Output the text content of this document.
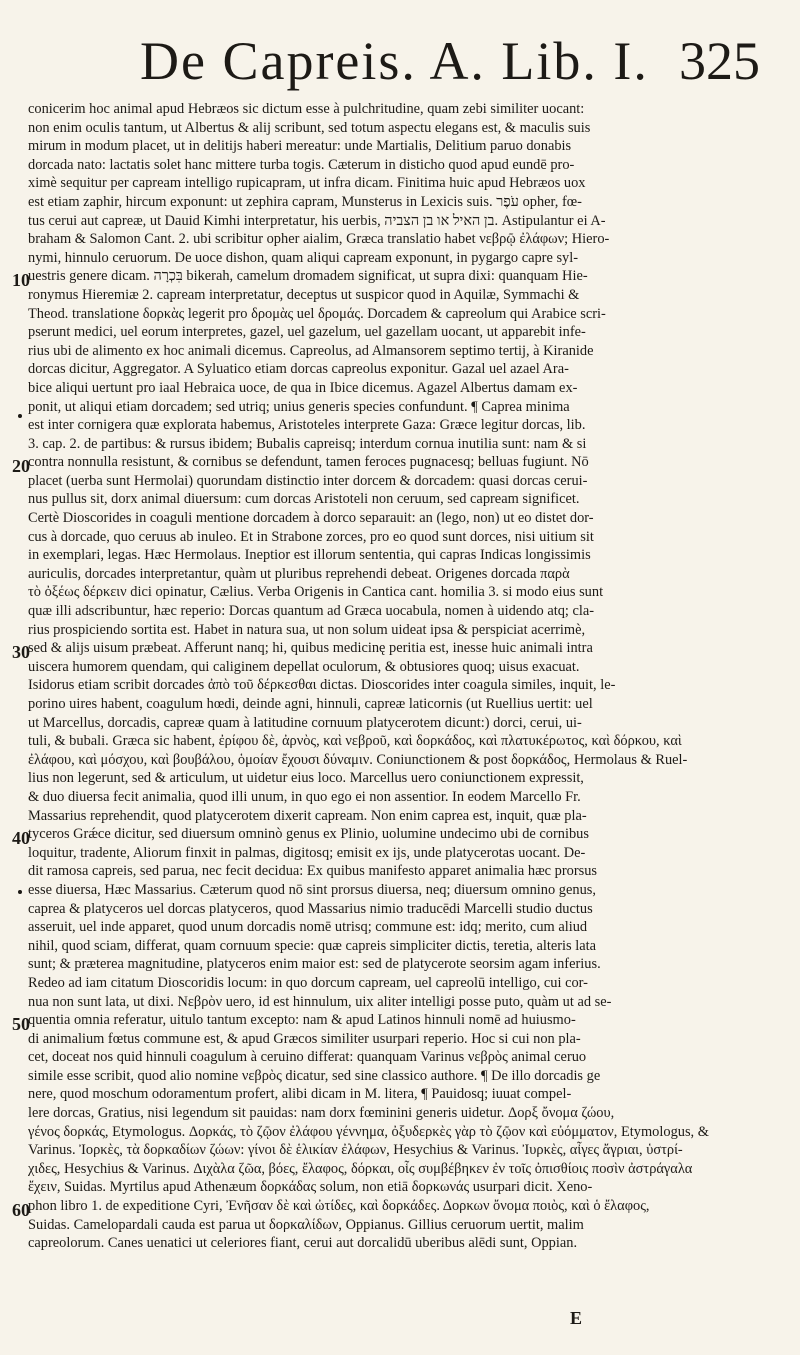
De Capreis. A. Lib. I. 325
10
20
30
40
50
60
conicerim hoc animal apud Hebræos sic dictum esse à pulchritudine, quam zebi similiter uocant:
non enim oculis tantum, ut Albertus & alij scribunt, sed totum aspectu elegans est, & maculis suis
mirum in modum placet, ut in delitijs haberi mereatur: unde Martialis, Delitium paruo donabis
dorcada nato: lactatis solet hanc mittere turba togis. Cæterum in disticho quod apud eundē pro-
ximè sequitur per capream intelligo rupicapram, ut infra dicam. Finitima huic apud Hebræos uox
est etiam zaphir, hircum exponunt: ut zephira capram, Munsterus in Lexicis suis. עֹפֶר opher, fœ-
tus cerui aut capreæ, ut Dauid Kimhi interpretatur, his uerbis, בן האיל או בן הצביה. Astipulantur ei A-
braham & Salomon Cant. 2. ubi scribitur opher aialim, Græca translatio habet νεβρῷ ἐλάφων; Hiero-
nymi, hinnulo ceruorum. De uoce dishon, quam aliqui capream exponunt, in pygargo capre syl-
uestris genere dicam. בִּכְרָה bikerah, camelum dromadem significat, ut supra dixi: quanquam Hie-
ronymus Hieremiæ 2. capream interpretatur, deceptus ut suspicor quod in Aquilæ, Symmachi &
Theod. translatione δορκὰς legerit pro δρομὰς uel δρομάς. Dorcadem & capreolum qui Arabice scri-
pserunt medici, uel eorum interpretes, gazel, uel gazelum, uel gazellam uocant, ut apparebit infe-
rius ubi de alimento ex hoc animali dicemus. Capreolus, ad Almansorem septimo tertij, à Kiranide
dorcas dicitur, Aggregator. A Syluatico etiam dorcas capreolus exponitur. Gazal uel azael Ara-
bice aliqui uertunt pro iaal Hebraica uoce, de qua in Ibice dicemus. Agazel Albertus damam ex-
ponit, ut aliqui etiam dorcadem; sed utriq; unius generis species confundunt. ¶ Caprea minima
est inter cornigera quæ explorata habemus, Aristoteles interprete Gaza: Græce legitur dorcas, lib.
3. cap. 2. de partibus: & rursus ibidem; Bubalis capreisq; interdum cornua inutilia sunt: nam & si
contra nonnulla resistunt, & cornibus se defendunt, tamen feroces pugnacesq; belluas fugiunt. Nō
placet (uerba sunt Hermolai) quorundam distinctio inter dorcem & dorcadem: quasi dorcas cerui-
nus pullus sit, dorx animal diuersum: cum dorcas Aristoteli non ceruum, sed capream significet.
Certè Dioscorides in coaguli mentione dorcadem à dorco separauit: an (lego, non) ut eo distet dor-
cus à dorcade, quo ceruus ab inuleo. Et in Strabone zorces, pro eo quod sunt dorces, nisi uitium sit
in exemplari, legas. Hæc Hermolaus. Ineptior est illorum sententia, qui capras Indicas longissimis
auriculis, dorcades interpretantur, quàm ut pluribus reprehendi debeat. Origenes dorcada παρὰ
τὸ ὀξέως δέρκειν dici opinatur, Cælius. Verba Origenis in Cantica cant. homilia 3. si modo eius sunt
quæ illi adscribuntur, hæc reperio: Dorcas quantum ad Græca uocabula, nomen à uidendo atq; cla-
rius prospiciendo sortita est. Habet in natura sua, ut non solum uideat ipsa & perspiciat acerrimè,
sed & alijs uisum præbeat. Afferunt nanq; hi, quibus medicinę peritia est, inesse huic animali intra
uiscera humorem quendam, qui caliginem depellat oculorum, & obtusiores quoq; uisus exacuat.
Isidorus etiam scribit dorcades ἀπὸ τοῦ δέρκεσθαι dictas. Dioscorides inter coagula similes, inquit, le-
porino uires habent, coagulum hœdi, deinde agni, hinnuli, capreæ laticornis (ut Ruellius uertit: uel
ut Marcellus, dorcadis, capreæ quam à latitudine cornuum platycerotem dicunt:) dorci, cerui, ui-
tuli, & bubali. Græca sic habent, ἐρίφου δὲ, ἀρνὸς, καὶ νεβροῦ, καὶ δορκάδος, καὶ πλατυκέρωτος, καὶ δόρκου, καὶ
ἐλάφου, καὶ μόσχου, καὶ βουβάλου, ὁμοίαν ἔχουσι δύναμιν. Coniunctionem & post δορκάδος, Hermolaus & Ruel-
lius non legerunt, sed & articulum, ut uidetur eius loco. Marcellus uero coniunctionem expressit,
& duo diuersa fecit animalia, quod illi unum, in quo ego ei non assentior. In eodem Marcello Fr.
Massarius reprehendit, quod platycerotem dixerit capream. Non enim caprea est, inquit, quæ pla-
tyceros Grǽce dicitur, sed diuersum omninò genus ex Plinio, uolumine undecimo ubi de cornibus
loquitur, tradente, Aliorum finxit in palmas, digitosq; emisit ex ijs, unde platycerotas uocant. De-
dit ramosa capreis, sed parua, nec fecit decidua: Ex quibus manifesto apparet animalia hæc prorsus
esse diuersa, Hæc Massarius. Cæterum quod nō sint prorsus diuersa, neq; diuersum omnino genus,
caprea & platyceros uel dorcas platyceros, quod Massarius nimio traducēdi Marcelli studio ductus
asseruit, uel inde apparet, quod unum dorcadis nomē utrisq; commune est: idq; merito, cum aliud
nihil, quod sciam, differat, quam cornuum specie: quæ capreis simpliciter dictis, teretia, alteris lata
sunt; & præterea magnitudine, platyceros enim maior est: sed de platycerote seorsim agam inferius.
Redeo ad iam citatum Dioscoridis locum: in quo dorcum capream, uel capreolū intelligo, cui cor-
nua non sunt lata, ut dixi. Νεβρὸν uero, id est hinnulum, uix aliter intelligi posse puto, quàm ut ad se-
quentia omnia referatur, uitulo tantum excepto: nam & apud Latinos hinnuli nomē ad huiusmo-
di animalium fœtus commune est, & apud Græcos similiter usurpari reperio. Hoc si cui non pla-
cet, doceat nos quid hinnuli coagulum à ceruino differat: quanquam Varinus νεβρὸς animal ceruo
simile esse scribit, quod alio nomine νεβρὸς dicatur, sed sine classico authore. ¶ De illo dorcadis ge
nere, quod moschum odoramentum profert, alibi dicam in M. litera, ¶ Pauidosq; iuuat compel-
lere dorcas, Gratius, nisi legendum sit pauidas: nam dorx fœminini generis uidetur. Δορξ ὄνομα ζώου,
γένος δορκάς, Etymologus. Δορκάς, τὸ ζῷον ἐλάφου γέννημα, ὀξυδερκὲς γὰρ τὸ ζῷον καὶ εὐόμματον, Etymologus, &
Varinus. Ἰορκὲς, τὰ δορκαδίων ζώων: γίνοι δὲ ἑλικίαν ἐλάφων, Hesychius & Varinus. Ἰυρκὲς, αἶγες ἄγριαι, ὑστρί-
χιδες, Hesychius & Varinus. Διχὰλα ζῶα, βόες, ἔλαφος, δόρκαι, οἷς συμβέβηκεν ἐν τοῖς ὀπισθίοις ποσὶν ἀστράγαλα
ἔχειν, Suidas. Myrtilus apud Athenæum δορκάδας solum, non etiā δορκωνάς usurpari dicit. Xeno-
phon libro 1. de expeditione Cyri, Ἐνῆσαν δὲ καὶ ὠτίδες, καὶ δορκάδες. Δορκων ὄνομα ποιὸς, καὶ ὁ ἔλαφος,
Suidas. Camelopardali cauda est parua ut δορκαλίδων, Oppianus. Gillius ceruorum uertit, malim
capreolorum. Canes uenatici ut celeriores fiant, cerui aut dorcalidū uberibus alēdi sunt, Oppian.
E
